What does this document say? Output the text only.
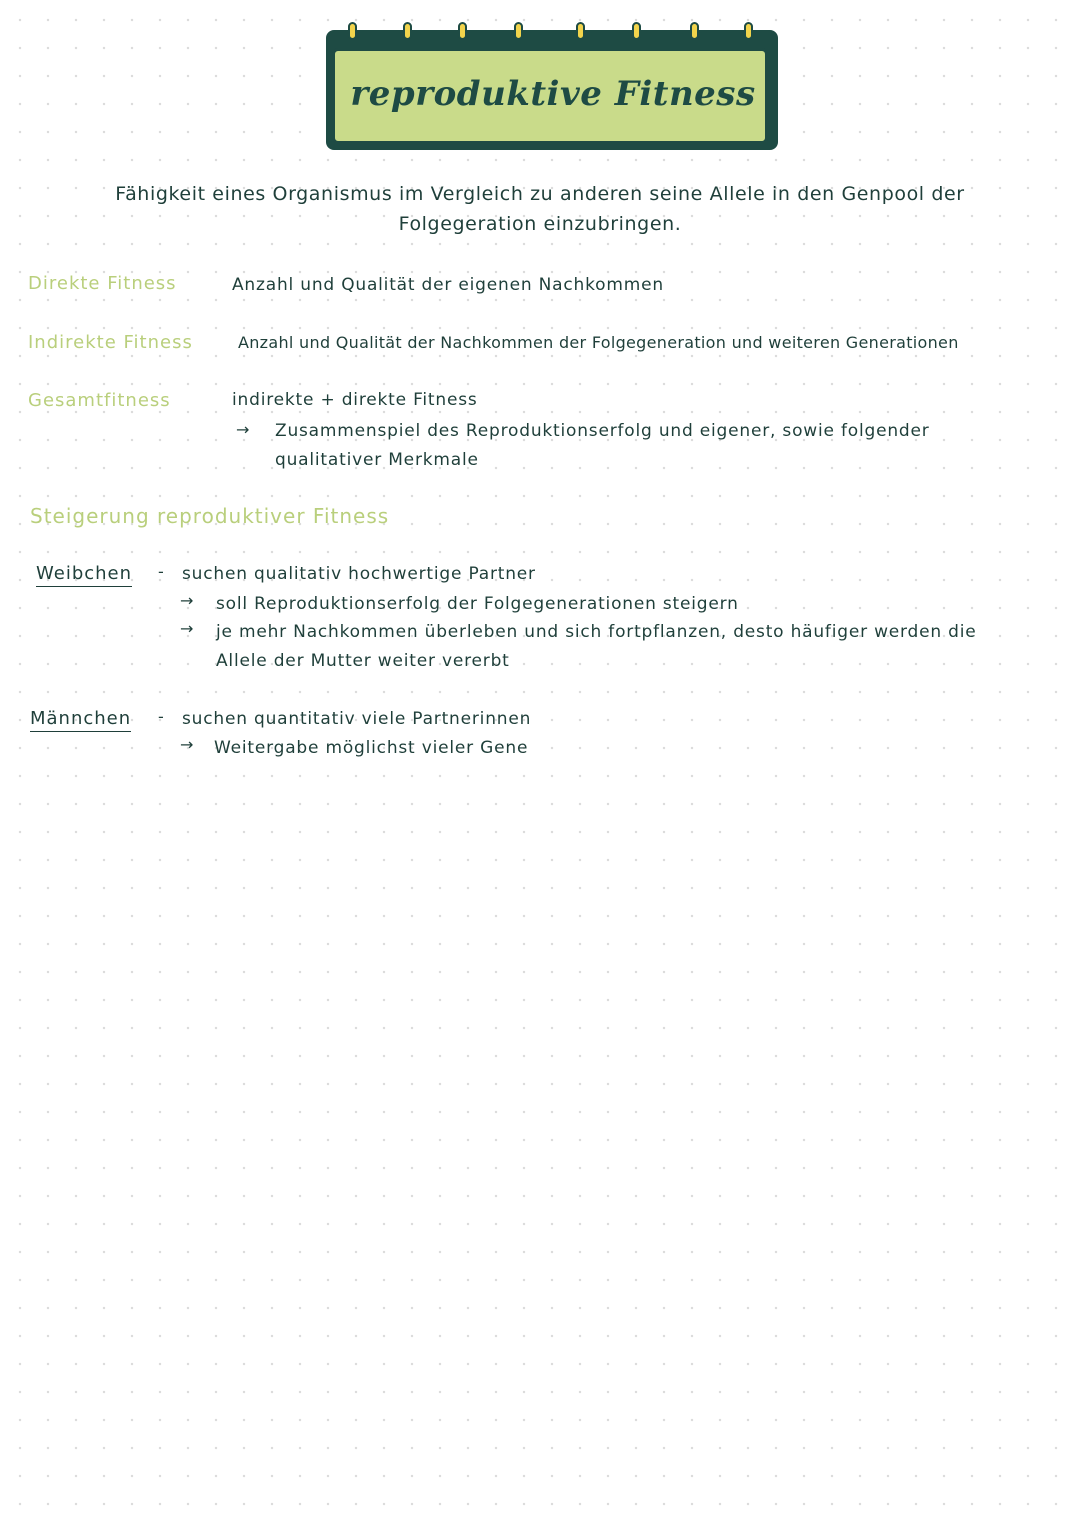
reproduktive Fitness

Fähigkeit eines Organismus im Vergleich zu anderen seine Allele in den Genpool der

Folgegeration einzubringen.

Direkte Fitness	Anzahl und Qualität der eigenen Nachkommen

Indirekte Fitness	Anzahl und Qualität der Nachkommen der Folgegeneration und weiteren Generationen

Gesamtfitness	indirekte + direkte Fitness

→ Zusammenspiel des Reproduktionserfolg und eigener, sowie folgender

qualitativer Merkmale

Steigerung reproduktiver Fitness

Weibchen - suchen qualitativ hochwertige Partner

→ soll Reproduktionserfolg der Folgegenerationen steigern

→ je mehr Nachkommen überleben und sich fortpflanzen, desto häufiger werden die

Allele der Mutter weiter vererbt

Männchen - suchen quantitativ viele Partnerinnen

→ Weitergabe möglichst vieler Gene
